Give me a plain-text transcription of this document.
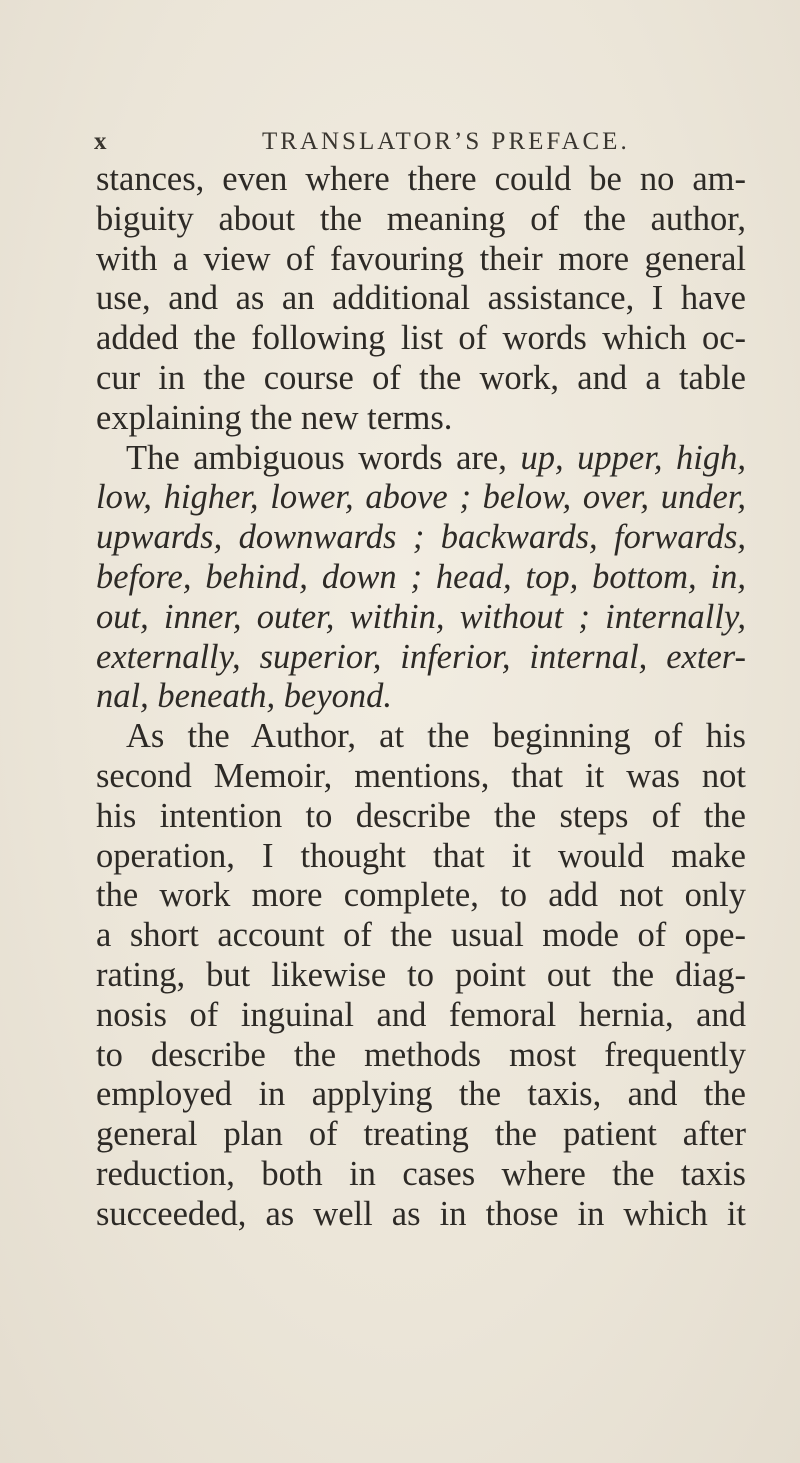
x	TRANSLATOR’S PREFACE.
stances, even where there could be no am-
biguity about the meaning of the author,
with a view of favouring their more general
use, and as an additional assistance, I have
added the following list of words which oc-
cur in the course of the work, and a table
explaining the new terms.
The ambiguous words are, up, upper, high,
low, higher, lower, above ; below, over, under,
upwards, downwards ; backwards, forwards,
before, behind, down ; head, top, bottom, in,
out, inner, outer, within, without ; internally,
externally, superior, inferior, internal, exter-
nal, beneath, beyond.
As the Author, at the beginning of his
second Memoir, mentions, that it was not
his intention to describe the steps of the
operation, I thought that it would make
the work more complete, to add not only
a short account of the usual mode of ope-
rating, but likewise to point out the diag-
nosis of inguinal and femoral hernia, and
to describe the methods most frequently
employed in applying the taxis, and the
general plan of treating the patient after
reduction, both in cases where the taxis
succeeded, as well as in those in which it
